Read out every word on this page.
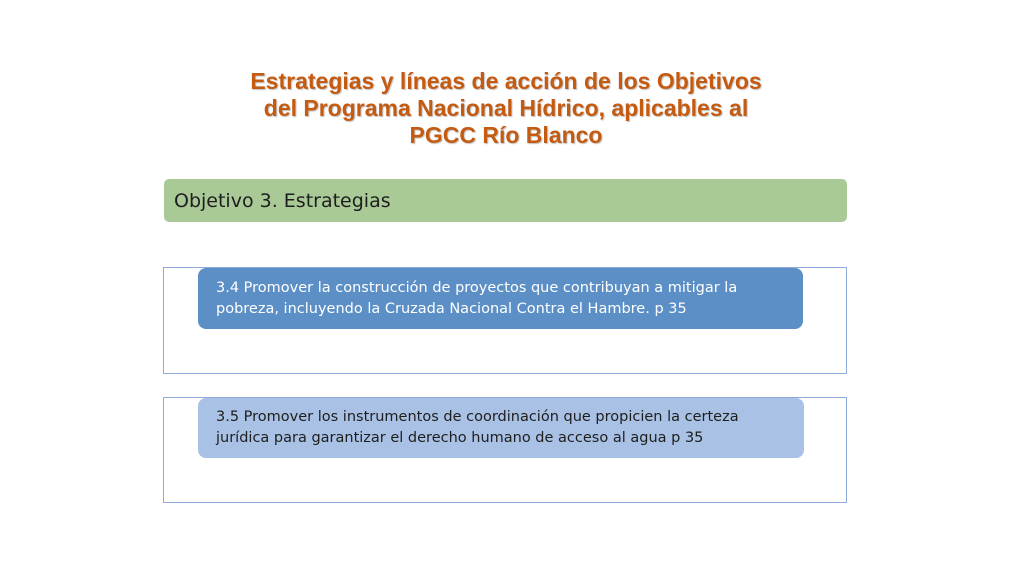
Estrategias y líneas de acción de los Objetivos
del Programa Nacional Hídrico, aplicables al
PGCC Río Blanco
Objetivo 3. Estrategias
3.4 Promover la construcción de proyectos que contribuyan a mitigar la pobreza, incluyendo la Cruzada Nacional Contra el Hambre. p 35
3.5 Promover los instrumentos de coordinación que propicien la certeza jurídica para garantizar el derecho humano de acceso al agua p 35
